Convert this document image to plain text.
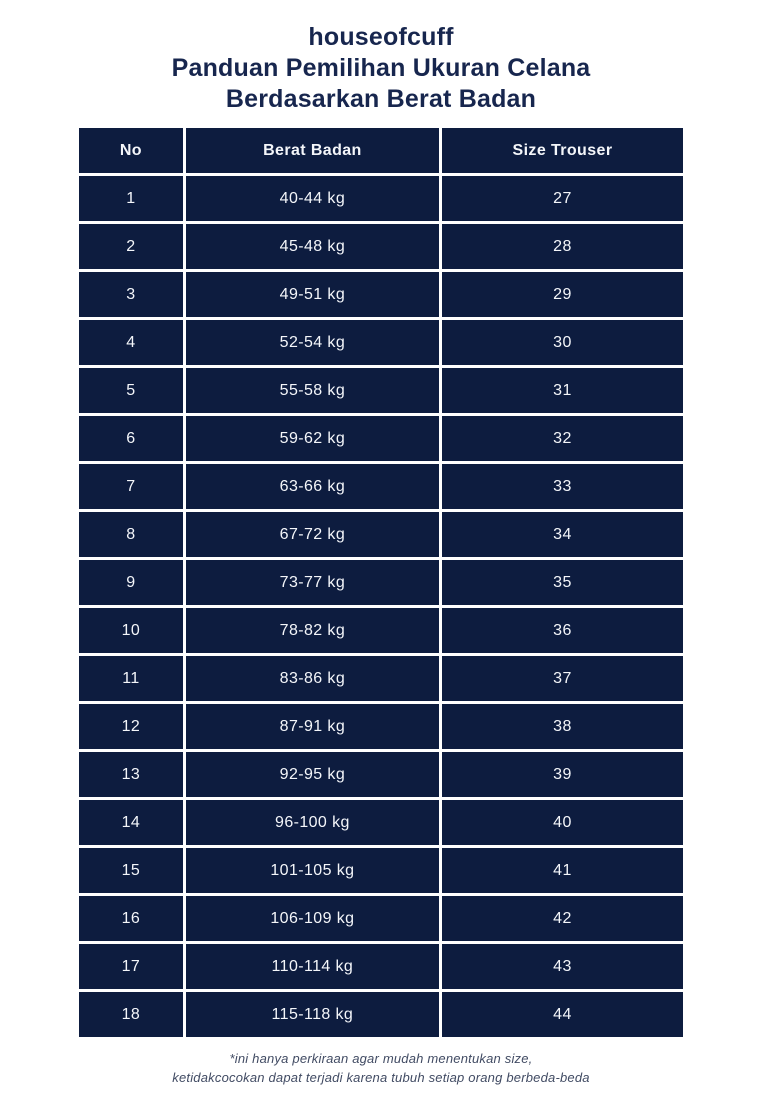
houseofcuff
Panduan Pemilihan Ukuran Celana
Berdasarkan Berat Badan
No	Berat Badan	Size Trouser
1	40-44 kg	27
2	45-48 kg	28
3	49-51 kg	29
4	52-54 kg	30
5	55-58 kg	31
6	59-62 kg	32
7	63-66 kg	33
8	67-72 kg	34
9	73-77 kg	35
10	78-82 kg	36
11	83-86 kg	37
12	87-91 kg	38
13	92-95 kg	39
14	96-100 kg	40
15	101-105 kg	41
16	106-109 kg	42
17	110-114 kg	43
18	115-118 kg	44
*ini hanya perkiraan agar mudah menentukan size,
ketidakcocokan dapat terjadi karena tubuh setiap orang berbeda-beda
